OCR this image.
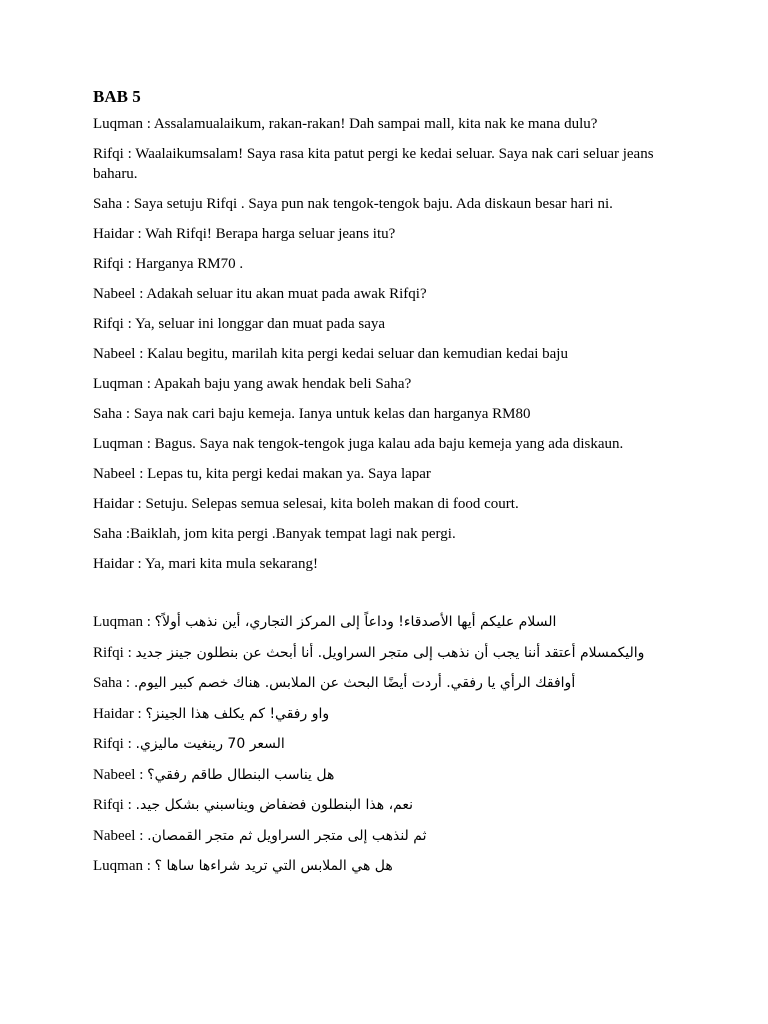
BAB 5

Luqman : Assalamualaikum, rakan-rakan! Dah sampai mall, kita nak ke mana dulu?

Rifqi : Waalaikumsalam! Saya rasa kita patut pergi ke kedai seluar. Saya nak cari seluar jeans baharu.

Saha : Saya setuju Rifqi . Saya pun nak tengok-tengok baju. Ada diskaun besar hari ni.

Haidar : Wah Rifqi! Berapa harga seluar jeans itu?

Rifqi : Harganya RM70 .

Nabeel : Adakah seluar itu akan muat pada awak Rifqi?

Rifqi : Ya, seluar ini longgar dan muat pada saya

Nabeel : Kalau begitu, marilah kita pergi kedai seluar dan kemudian kedai baju

Luqman : Apakah baju yang awak hendak beli Saha?

Saha : Saya nak cari baju kemeja. Ianya untuk kelas dan harganya RM80

Luqman : Bagus. Saya nak tengok-tengok juga kalau ada baju kemeja yang ada diskaun.

Nabeel : Lepas tu, kita pergi kedai makan ya. Saya lapar

Haidar : Setuju. Selepas semua selesai, kita boleh makan di food court.

Saha :Baiklah, jom kita pergi .Banyak tempat lagi nak pergi.

Haidar : Ya, mari kita mula sekarang!

Luqman : السلام عليكم أيها الأصدقاء! وداعاً إلى المركز التجاري، أين نذهب أولاً؟

Rifqi : واليكمسلام أعتقد أننا يجب أن نذهب إلى متجر السراويل. أنا أبحث عن بنطلون جينز جديد

Saha : أوافقك الرأي يا رفقي. أردت أيضًا البحث عن الملابس. هناك خصم كبير اليوم.

Haidar : واو رفقي! كم يكلف هذا الجينز؟

Rifqi : السعر 70 رينغيت ماليزي.

Nabeel : هل يناسب البنطال طاقم رفقي؟

Rifqi : نعم، هذا البنطلون فضفاض ويناسبني بشكل جيد.

Nabeel : ثم لنذهب إلى متجر السراويل ثم متجر القمصان.

Luqman : هل هي الملابس التي تريد شراءها ساها ؟
